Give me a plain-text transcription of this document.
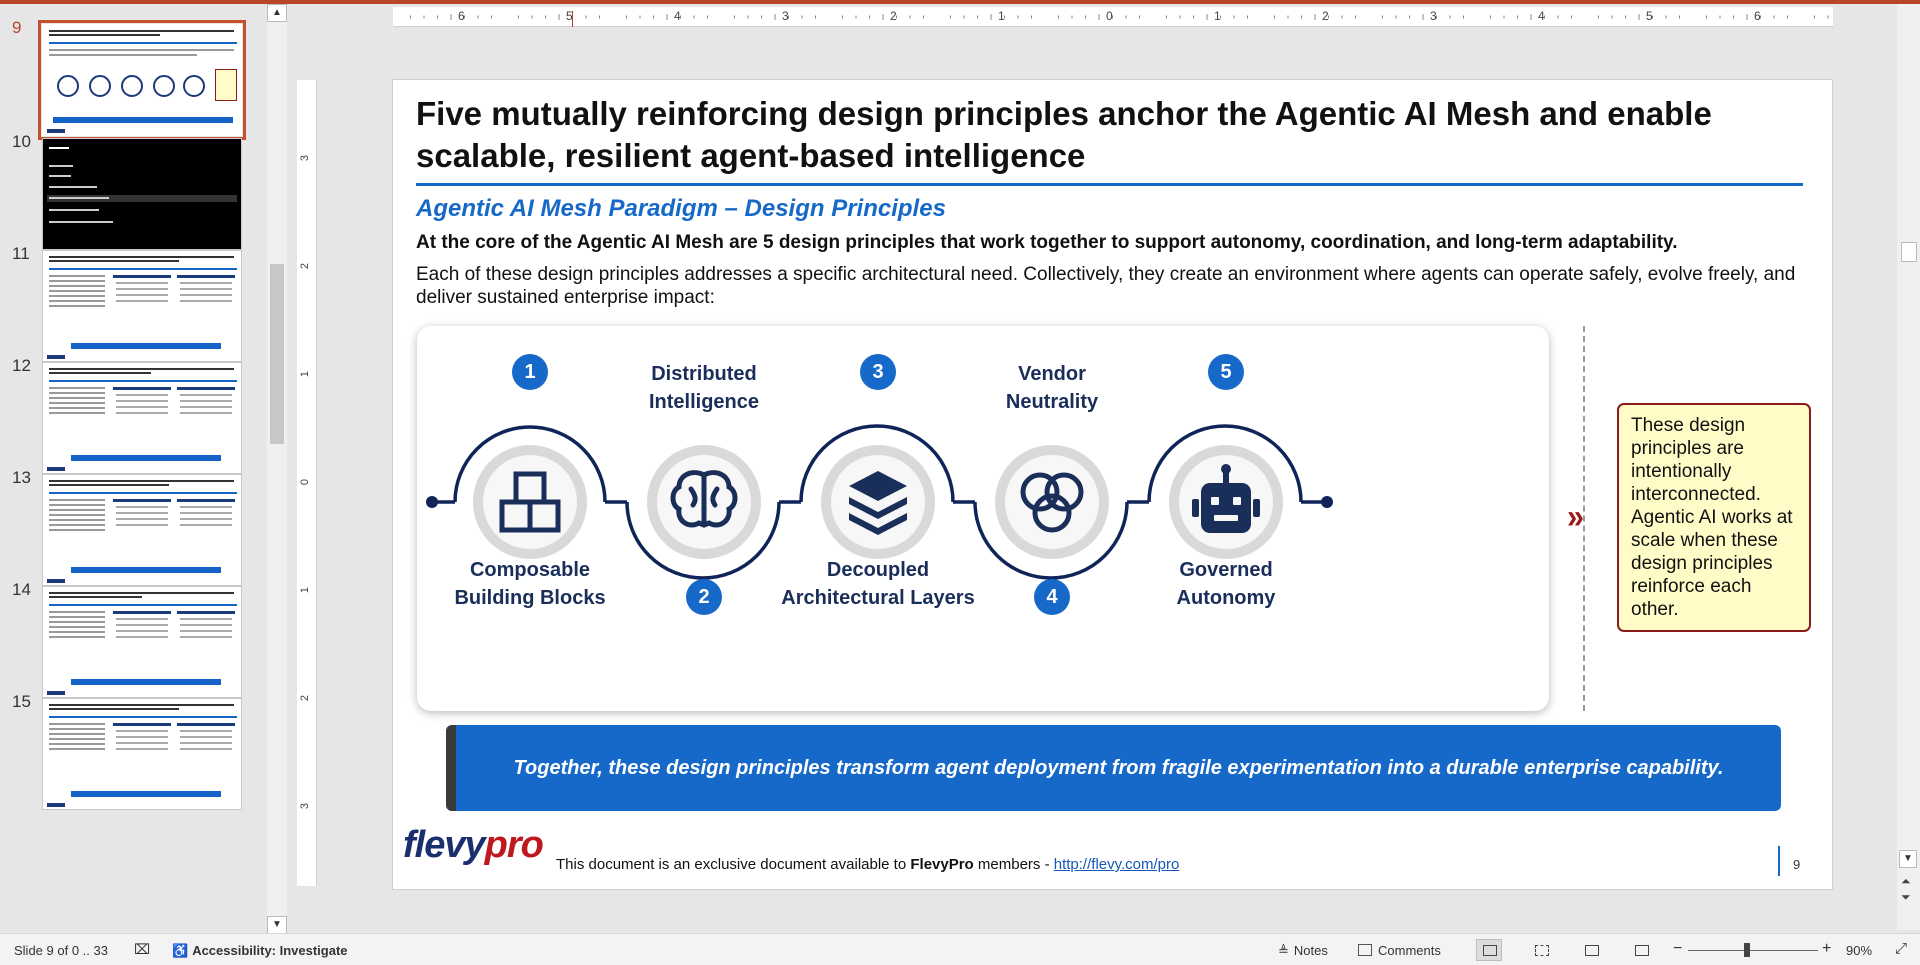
9
10
11
12
13
14
15
▲
▼
6	5	4	3	2	1	0	1	2	3	4	5	6
3
2
1
0
1
2
3
▼
⏶
⏷
Five mutually reinforcing design principles anchor the Agentic AI Mesh and enable scalable, resilient agent-based intelligence
Agentic AI Mesh Paradigm – Design Principles
At the core of the Agentic AI Mesh are 5 design principles that work together to support autonomy, coordination, and long-term adaptability.
Each of these design principles addresses a specific architectural need. Collectively, they create an environment where agents can operate safely, evolve freely, and deliver sustained enterprise impact:
1
2
3
4
5
Composable
Building Blocks
Distributed
Intelligence
Decoupled
Architectural Layers
Vendor
Neutrality
Governed
Autonomy
»
These design principles are intentionally interconnected. Agentic AI works at scale when these design principles reinforce each other.
Together, these design principles transform agent deployment from fragile experimentation into a durable enterprise capability.
flevypro This document is an exclusive document available to FlevyPro members - http://flevy.com/pro	9
Slide 9 of 0 .. 33 ⌧ ♿ Accessibility: Investigate	≜ Notes	Comments	−	+ 90% ⤢
